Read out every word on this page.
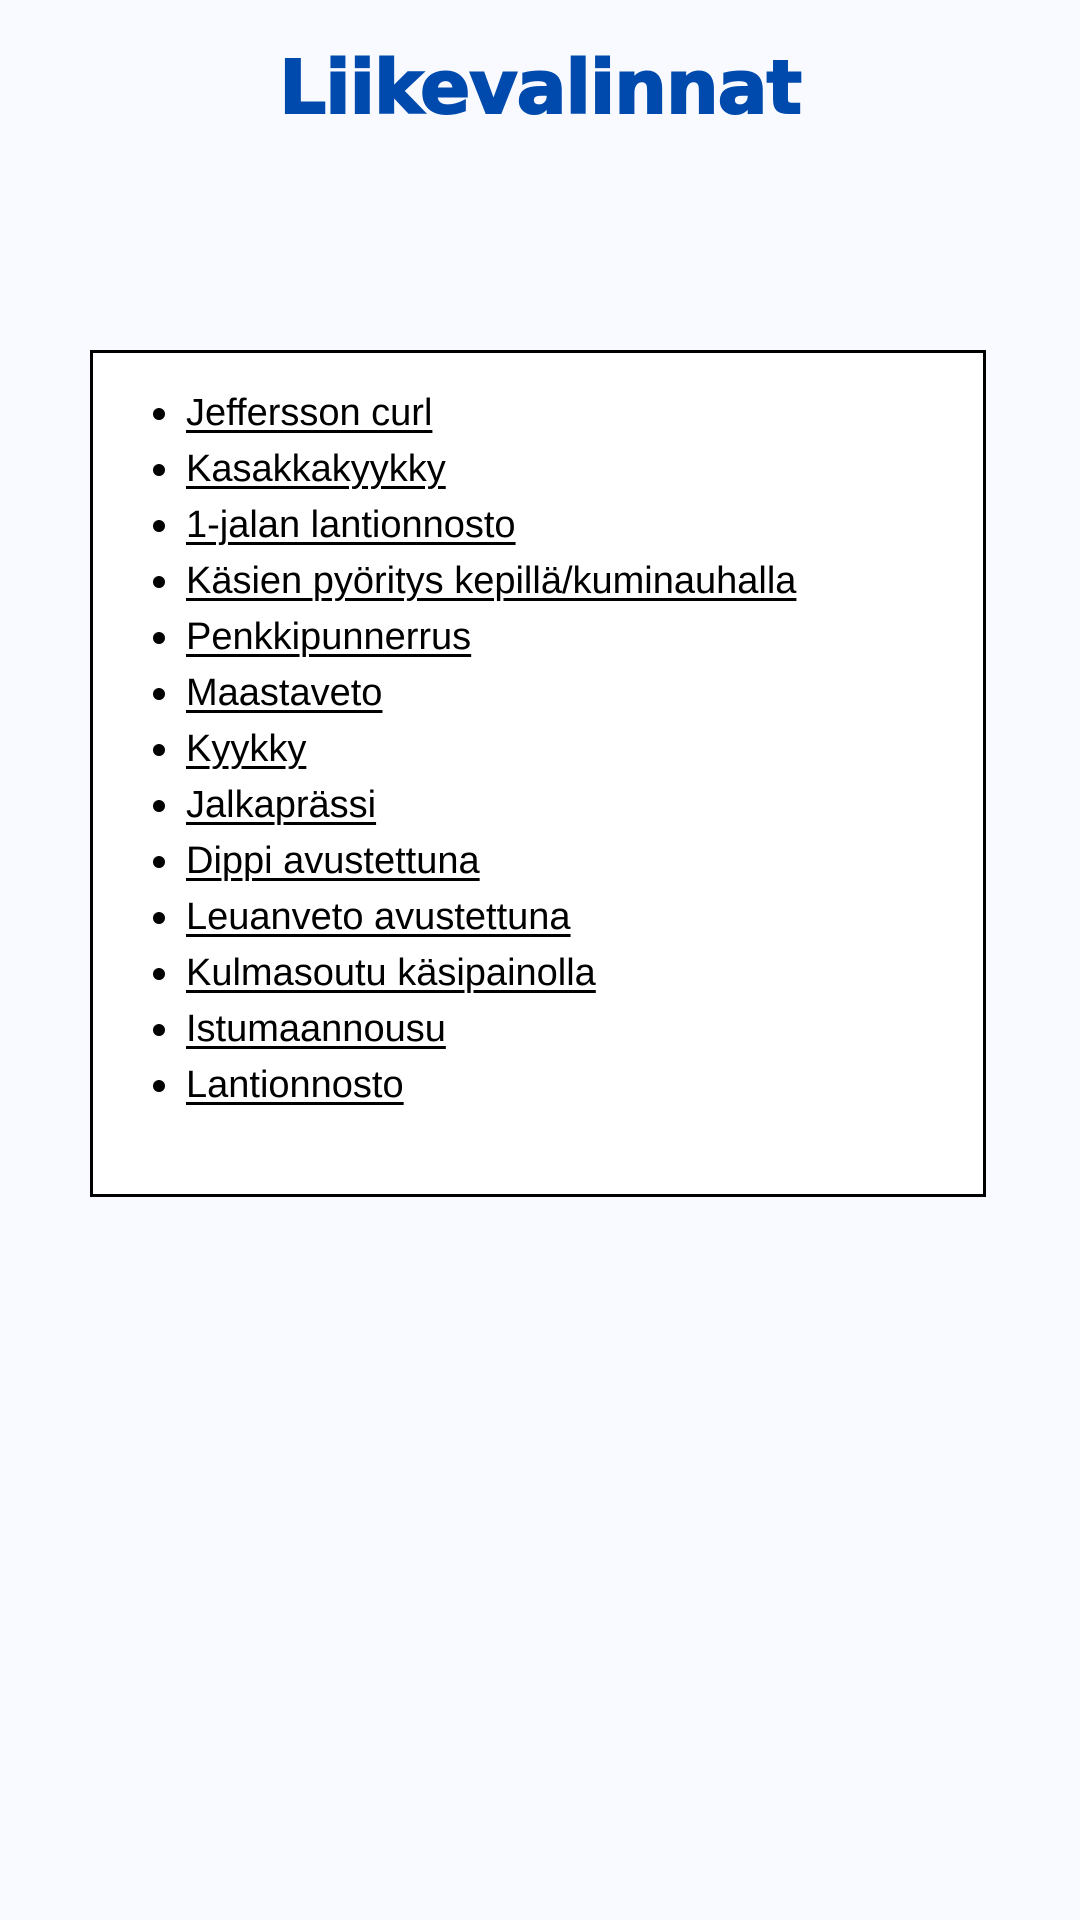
Liikevalinnat
Jeffersson curl
Kasakkakyykky
1-jalan lantionnosto
Käsien pyöritys kepillä/kuminauhalla
Penkkipunnerrus
Maastaveto
Kyykky
Jalkaprässi
Dippi avustettuna
Leuanveto avustettuna
Kulmasoutu käsipainolla
Istumaannousu
Lantionnosto
